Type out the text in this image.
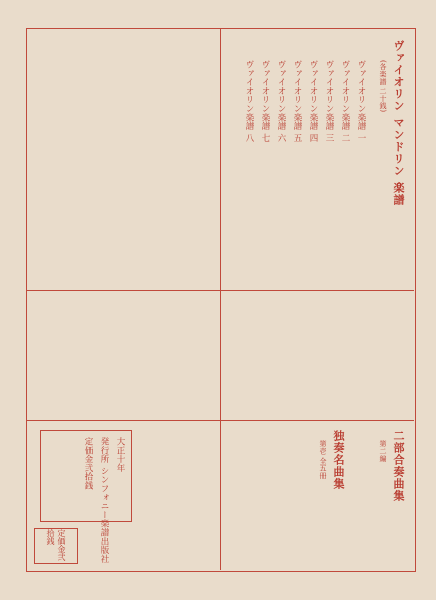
ヴァイオリン マンドリン 楽譜
(各楽譜 二十銭)
二部合奏曲集
第二編
独奏名曲集
第壱 全五冊
ヴァイオリン楽譜 一
ヴァイオリン楽譜 二
ヴァイオリン楽譜 三
ヴァイオリン楽譜 四
ヴァイオリン楽譜 五
ヴァイオリン楽譜 六
ヴァイオリン楽譜 七
ヴァイオリン楽譜 八
大正十年
発行所 シンフォニー楽譜出版社
定価金弐拾銭
定価金弐拾銭
